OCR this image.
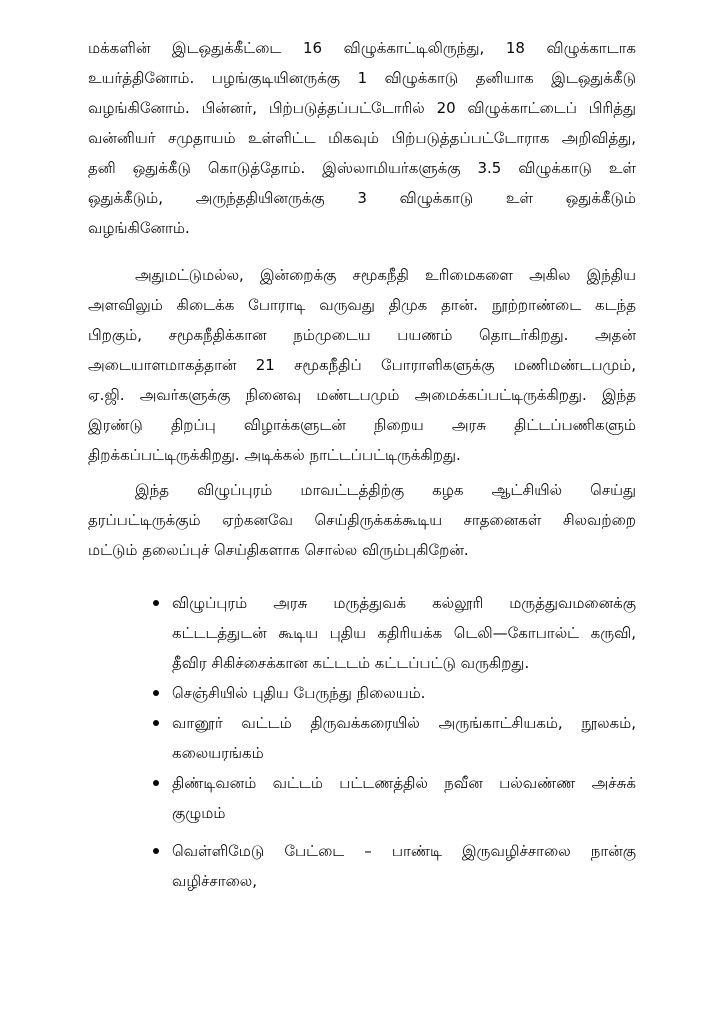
மக்களின் இடஒதுக்கீட்டை 16 விழுக்காட்டிலிருந்து, 18 விழுக்காடாக
உயர்த்தினோம். பழங்குடியினருக்கு 1 விழுக்காடு தனியாக இடஒதுக்கீடு
வழங்கினோம். பின்னர், பிற்படுத்தப்பட்டோரில் 20 விழுக்காட்டைப் பிரித்து
வன்னியர் சமுதாயம் உள்ளிட்ட மிகவும் பிற்படுத்தப்பட்டோராக அறிவித்து,
தனி ஒதுக்கீடு கொடுத்தோம். இஸ்லாமியர்களுக்கு 3.5 விழுக்காடு உள்
ஒதுக்கீடும், அருந்ததியினருக்கு 3 விழுக்காடு உள் ஒதுக்கீடும்
வழங்கினோம்.
அதுமட்டுமல்ல, இன்றைக்கு சமூகநீதி உரிமைகளை அகில இந்திய
அளவிலும் கிடைக்க போராடி வருவது திமுக தான். நூற்றாண்டை கடந்த
பிறகும், சமூகநீதிக்கான நம்முடைய பயணம் தொடர்கிறது. அதன்
அடையாளமாகத்தான் 21 சமூகநீதிப் போராளிகளுக்கு மணிமண்டபமும்,
ஏ.ஜி. அவர்களுக்கு நினைவு மண்டபமும் அமைக்கப்பட்டிருக்கிறது. இந்த
இரண்டு திறப்பு விழாக்களுடன் நிறைய அரசு திட்டப்பணிகளும்
திறக்கப்பட்டிருக்கிறது. அடிக்கல் நாட்டப்பட்டிருக்கிறது.
இந்த விழுப்புரம் மாவட்டத்திற்கு கழக ஆட்சியில் செய்து
தரப்பட்டிருக்கும் ஏற்கனவே செய்திருக்கக்கூடிய சாதனைகள் சிலவற்றை
மட்டும் தலைப்புச் செய்திகளாக சொல்ல விரும்புகிறேன்.
விழுப்புரம் அரசு மருத்துவக் கல்லூரி மருத்துவமனைக்கு
கட்டடத்துடன் கூடிய புதிய கதிரியக்க டெலி—கோபால்ட் கருவி,
தீவிர சிகிச்சைக்கான கட்டடம் கட்டப்பட்டு வருகிறது.
செஞ்சியில் புதிய பேருந்து நிலையம்.
வானூர் வட்டம் திருவக்கரையில் அருங்காட்சியகம், நூலகம்,
கலையரங்கம்
திண்டிவனம் வட்டம் பட்டணத்தில் நவீன பல்வண்ண அச்சுக்
குழுமம்
வெள்ளிமேடு பேட்டை – பாண்டி இருவழிச்சாலை நான்கு
வழிச்சாலை,
